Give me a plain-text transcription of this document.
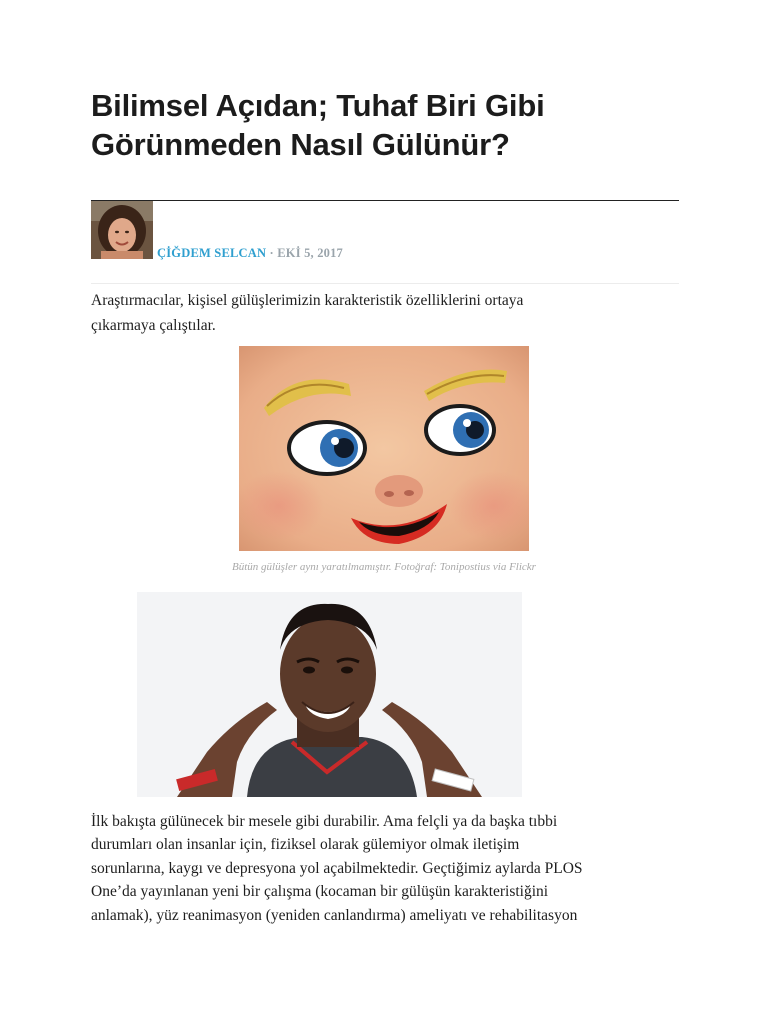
Bilimsel Açıdan; Tuhaf Biri Gibi
Görünmeden Nasıl Gülünür?
ÇİĞDEM SELCAN · EKİ 5, 2017

Araştırmacılar, kişisel gülüşlerimizin karakteristik özelliklerini ortaya
çıkarmaya çalıştılar.

Bütün gülüşler aynı yaratılmamıştır. Fotoğraf: Tonipostius via Flickr

İlk bakışta gülünecek bir mesele gibi durabilir. Ama felçli ya da başka tıbbi
durumları olan insanlar için, fiziksel olarak gülemiyor olmak iletişim
sorunlarına, kaygı ve depresyona yol açabilmektedir. Geçtiğimiz aylarda PLOS
One’da yayınlanan yeni bir çalışma (kocaman bir gülüşün karakteristiğini
anlamak), yüz reanimasyon (yeniden canlandırma) ameliyatı ve rehabilitasyon
